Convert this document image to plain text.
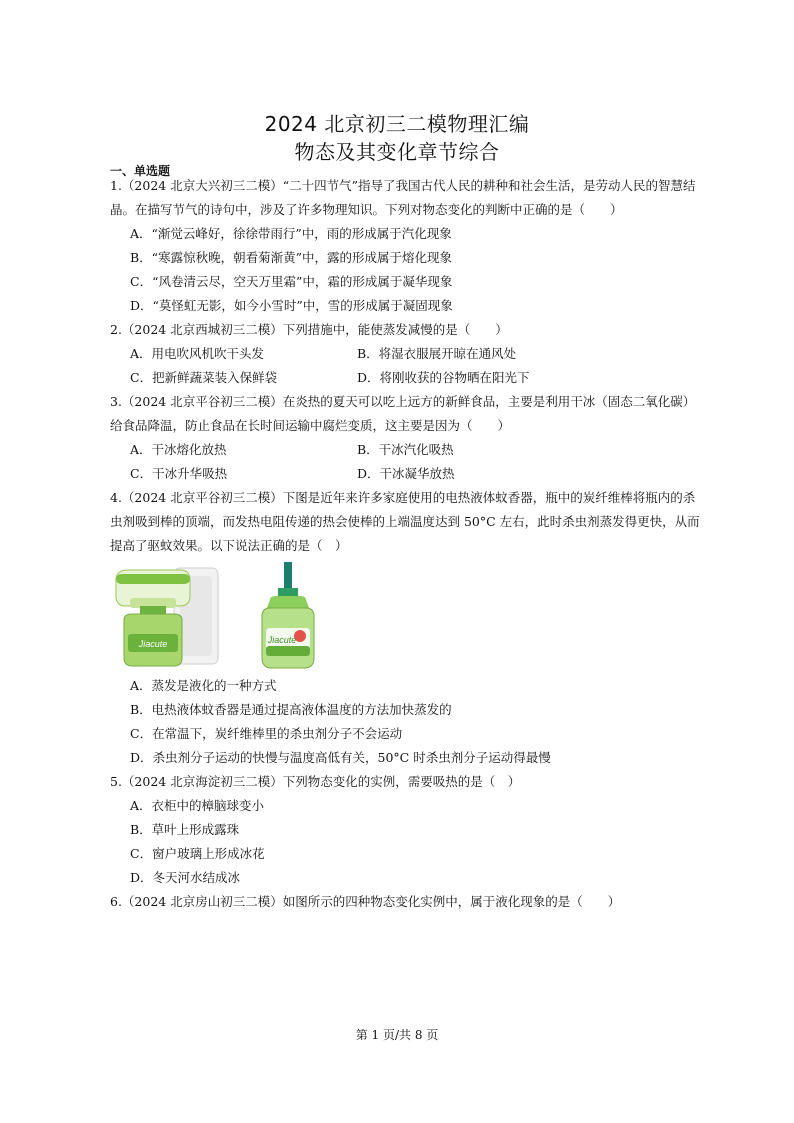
2024 北京初三二模物理汇编
物态及其变化章节综合
一、单选题
1.（2024 北京大兴初三二模）“二十四节气”指导了我国古代人民的耕种和社会生活，是劳动人民的智慧结
晶。在描写节气的诗句中，涉及了许多物理知识。下列对物态变化的判断中正确的是（　　）
A．“渐觉云峰好，徐徐带雨行”中，雨的形成属于汽化现象
B．“寒露惊秋晚，朝看菊渐黄”中，露的形成属于熔化现象
C．“风卷清云尽，空天万里霜”中，霜的形成属于凝华现象
D．“莫怪虹无影，如今小雪时”中，雪的形成属于凝固现象
2.（2024 北京西城初三二模）下列措施中，能使蒸发减慢的是（　　）
A．用电吹风机吹干头发	B．将湿衣服展开晾在通风处
C．把新鲜蔬菜装入保鲜袋	D．将刚收获的谷物晒在阳光下
3.（2024 北京平谷初三二模）在炎热的夏天可以吃上远方的新鲜食品，主要是利用干冰（固态二氧化碳）
给食品降温，防止食品在长时间运输中腐烂变质，这主要是因为（　　）
A．干冰熔化放热	B．干冰汽化吸热
C．干冰升华吸热	D．干冰凝华放热
4.（2024 北京平谷初三二模）下图是近年来许多家庭使用的电热液体蚊香器，瓶中的炭纤维棒将瓶内的杀
虫剂吸到棒的顶端，而发热电阻传递的热会使棒的上端温度达到 50°C 左右，此时杀虫剂蒸发得更快，从而
提高了驱蚊效果。以下说法正确的是（　）
Jiacute	Jiacute
A．蒸发是液化的一种方式
B．电热液体蚊香器是通过提高液体温度的方法加快蒸发的
C．在常温下，炭纤维棒里的杀虫剂分子不会运动
D．杀虫剂分子运动的快慢与温度高低有关，50°C 时杀虫剂分子运动得最慢
5.（2024 北京海淀初三二模）下列物态变化的实例，需要吸热的是（　）
A．衣柜中的樟脑球变小
B．草叶上形成露珠
C．窗户玻璃上形成冰花
D．冬天河水结成冰
6.（2024 北京房山初三二模）如图所示的四种物态变化实例中，属于液化现象的是（　　）
第 1 页/共 8 页
